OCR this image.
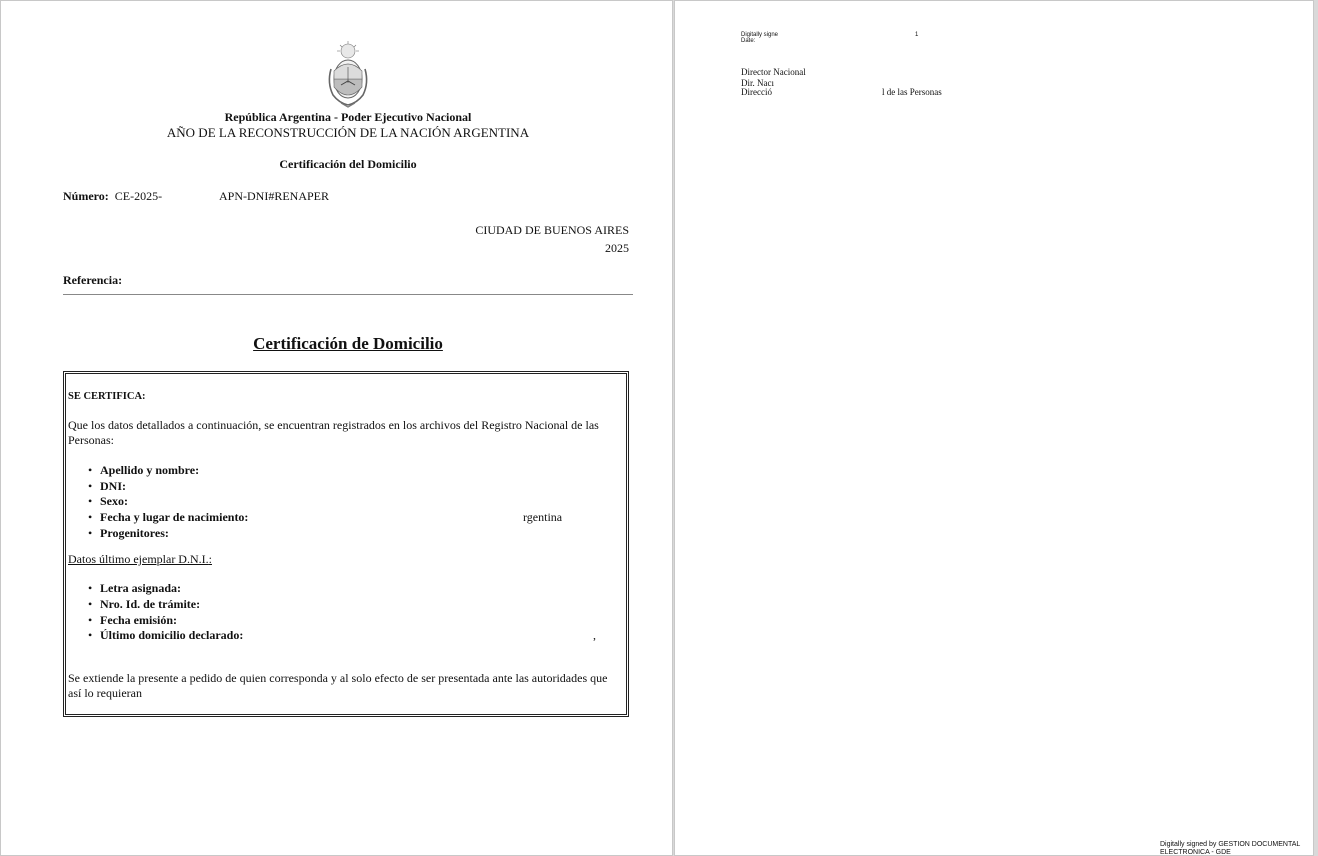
República Argentina - Poder Ejecutivo Nacional
AÑO DE LA RECONSTRUCCIÓN DE LA NACIÓN ARGENTINA
Certificación del Domicilio
Número: CE-2025-	APN-DNI#RENAPER
CIUDAD DE BUENOS AIRES
2025
Referencia:
Certificación de Domicilio
SE CERTIFICA:
Que los datos detallados a continuación, se encuentran registrados en los archivos del Registro Nacional de las Personas:
• Apellido y nombre:
• DNI:
• Sexo:
• Fecha y lugar de nacimiento:
• Progenitores:
rgentina
Datos último ejemplar D.N.I.:
• Letra asignada:
• Nro. Id. de trámite:
• Fecha emisión:
• Último domicilio declarado:	,
Se extiende la presente a pedido de quien corresponda y al solo efecto de ser presentada ante las autoridades que así lo requieran
Digitally signe
Date:
1
Director Nacional
Dir. Nacı
Direcció	l de las Personas
Digitally signed by GESTION DOCUMENTAL
ELECTRONICA - GDE
